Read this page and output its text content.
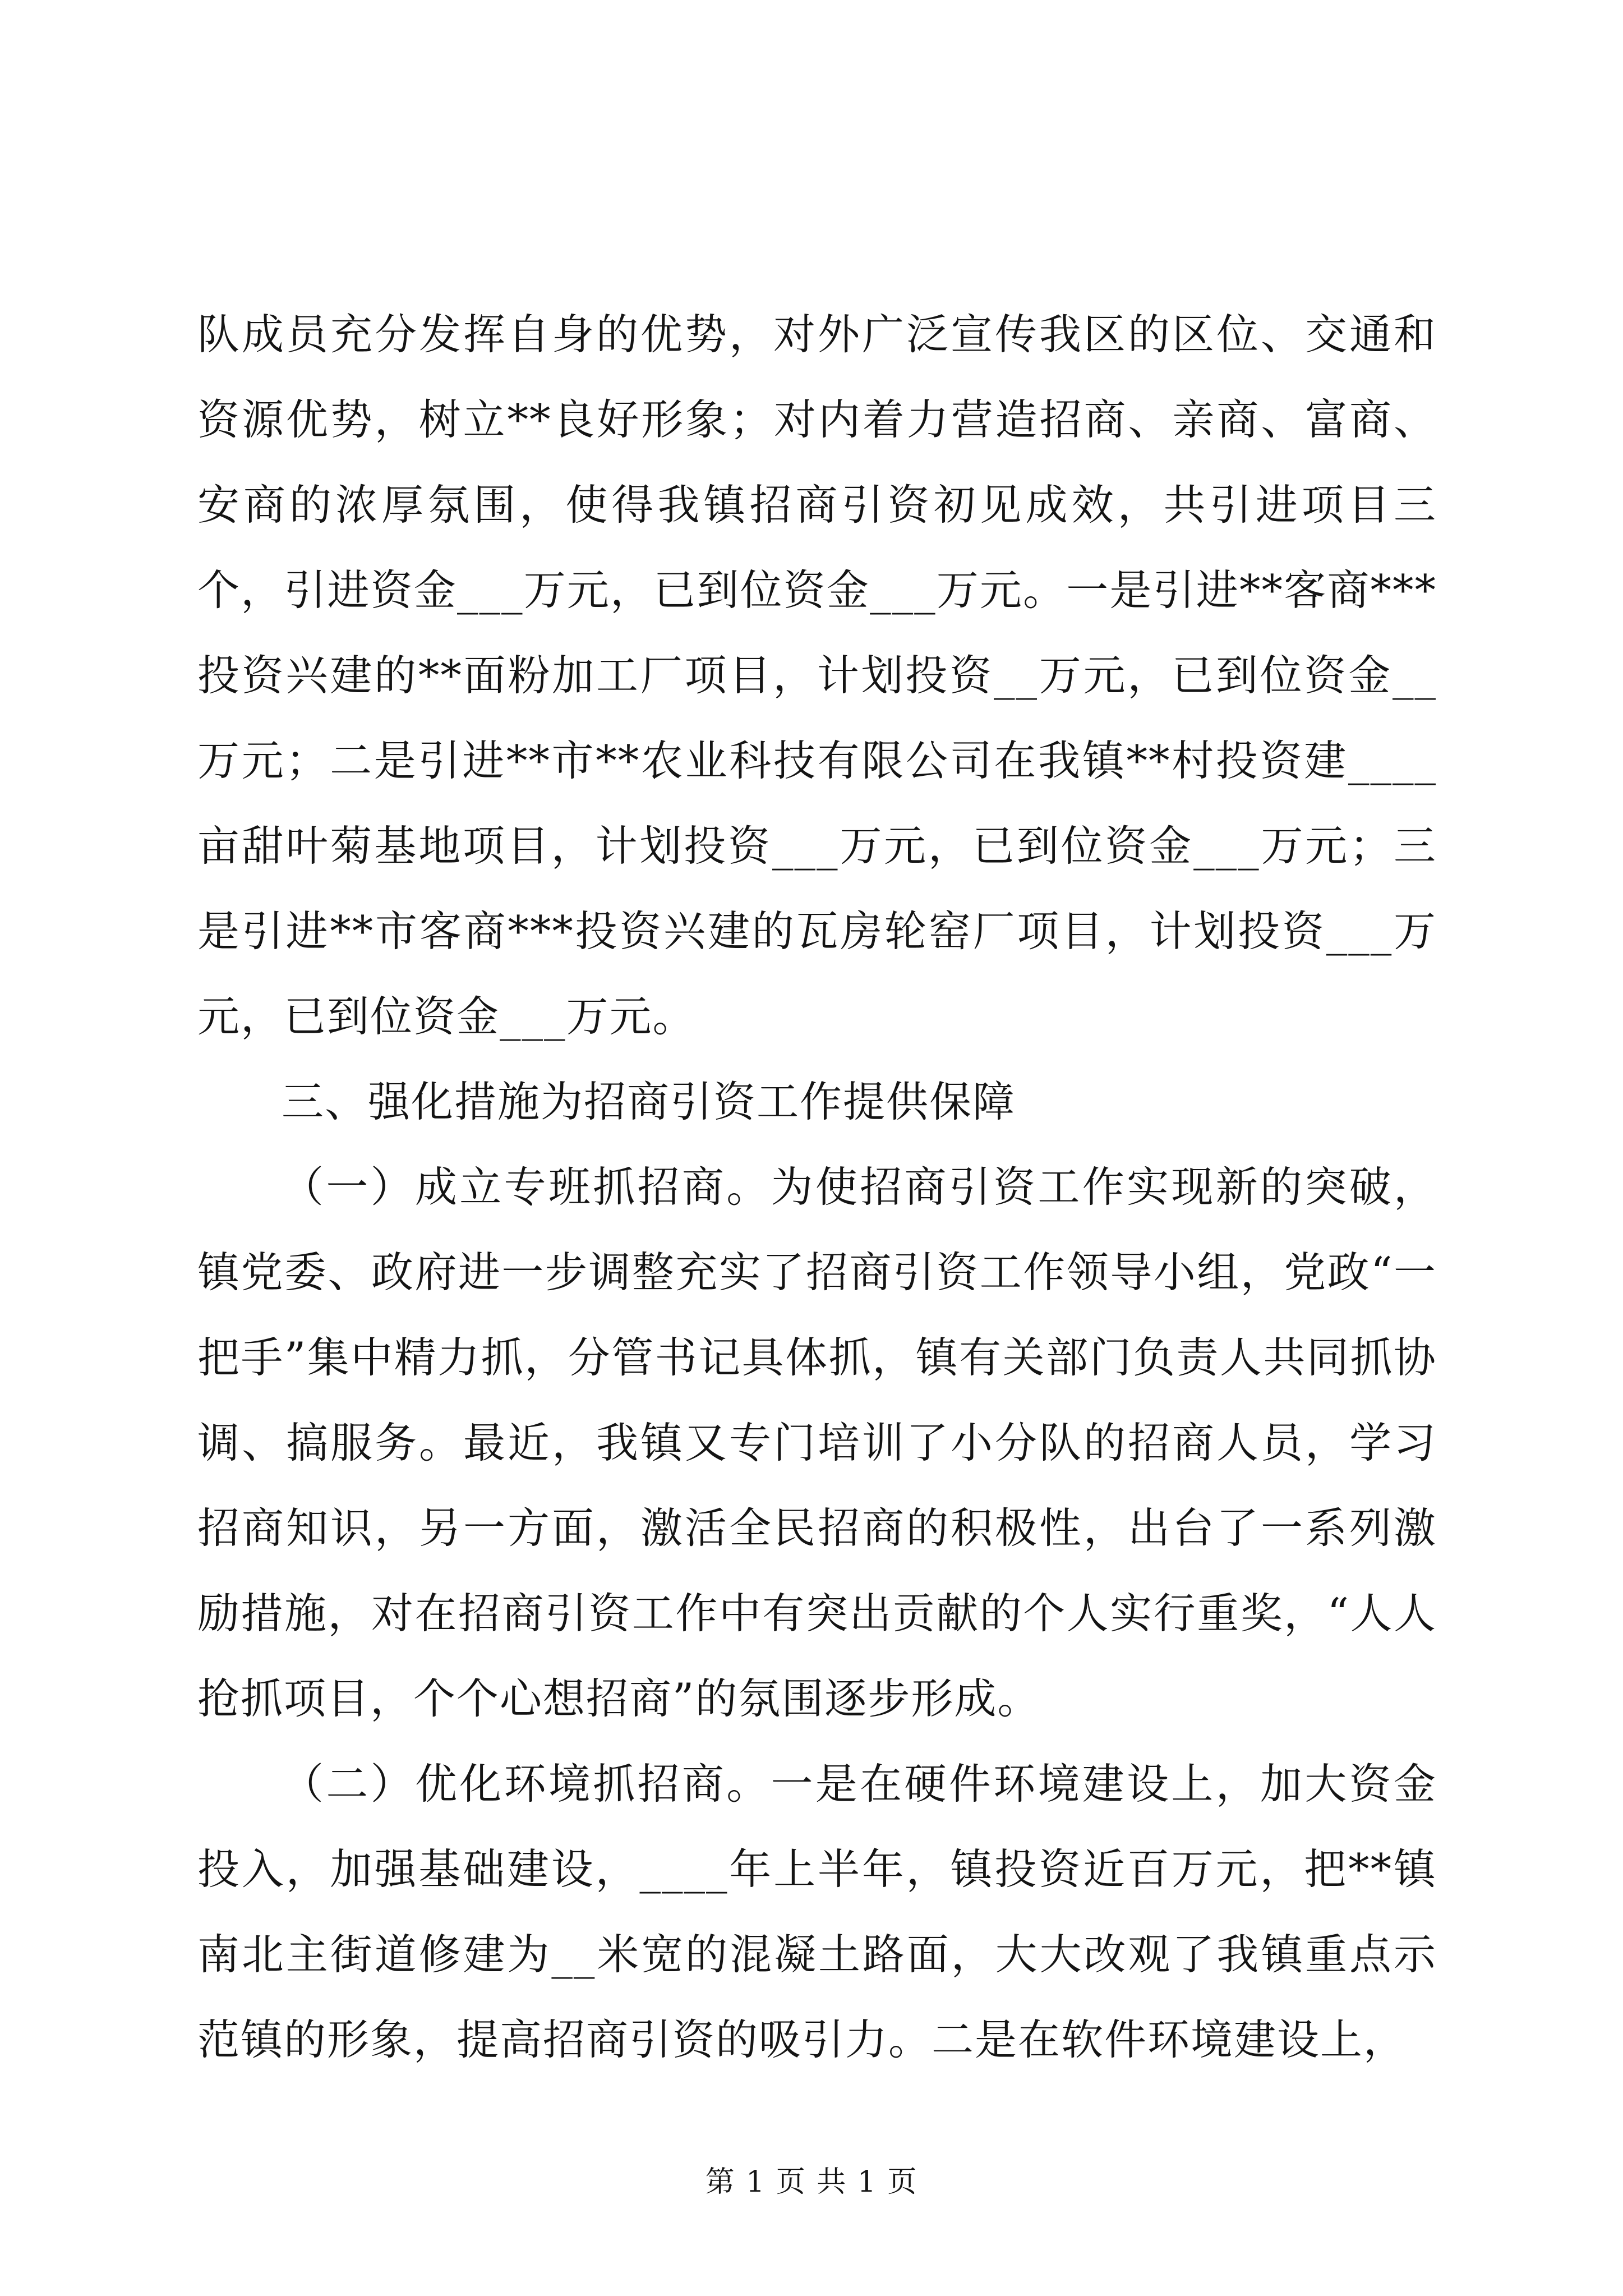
队成员充分发挥自身的优势，对外广泛宣传我区的区位、交通和资源优势，树立**良好形象；对内着力营造招商、亲商、富商、安商的浓厚氛围，使得我镇招商引资初见成效，共引进项目三个，引进资金___万元，已到位资金___万元。一是引进**客商***投资兴建的**面粉加工厂项目，计划投资__万元，已到位资金__万元；二是引进**市**农业科技有限公司在我镇**村投资建____亩甜叶菊基地项目，计划投资___万元，已到位资金___万元；三是引进**市客商***投资兴建的瓦房轮窑厂项目，计划投资___万元，已到位资金___万元。

三、强化措施为招商引资工作提供保障

（一）成立专班抓招商。为使招商引资工作实现新的突破，镇党委、政府进一步调整充实了招商引资工作领导小组，党政“一把手”集中精力抓，分管书记具体抓，镇有关部门负责人共同抓协调、搞服务。最近，我镇又专门培训了小分队的招商人员，学习招商知识，另一方面，激活全民招商的积极性，出台了一系列激励措施，对在招商引资工作中有突出贡献的个人实行重奖，“人人抢抓项目，个个心想招商”的氛围逐步形成。

（二）优化环境抓招商。一是在硬件环境建设上，加大资金投入，加强基础建设，____年上半年，镇投资近百万元，把**镇南北主街道修建为__米宽的混凝土路面，大大改观了我镇重点示范镇的形象，提高招商引资的吸引力。二是在软件环境建设上，

第 1 页 共 1 页
